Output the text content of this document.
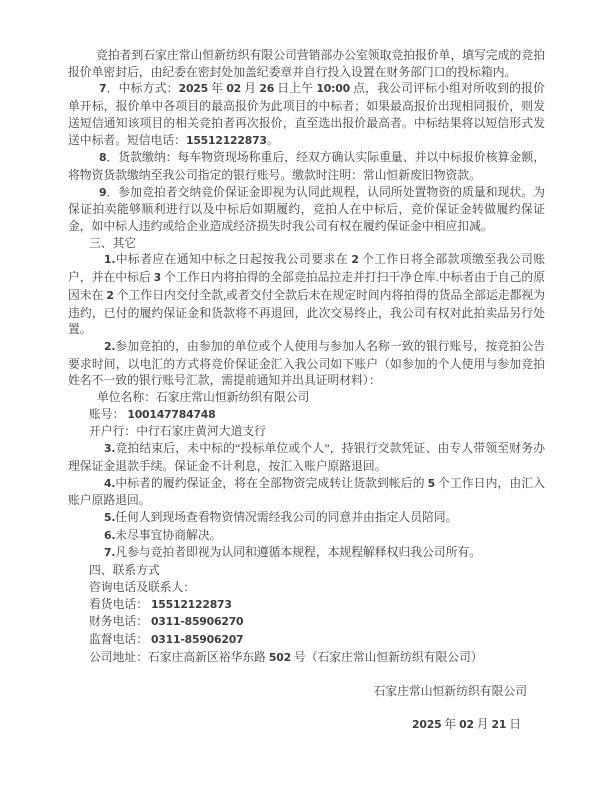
竞拍者到石家庄常山恒新纺织有限公司营销部办公室领取竞拍报价单，填写完成的竞拍报价单密封后，由纪委在密封处加盖纪委章并自行投入设置在财务部门口的投标箱内。

7．中标方式：2025 年 02 月 26 日上午 10:00 点，我公司评标小组对所收到的报价单开标，报价单中各项目的最高报价为此项目的中标者；如果最高报价出现相同报价，则发送短信通知该项目的相关竞拍者再次报价，直至选出报价最高者。中标结果将以短信形式发送中标者。短信电话：15512122873。

8．货款缴纳：每车物资现场称重后，经双方确认实际重量、并以中标报价核算金额，将物资货款缴纳至我公司指定的银行账号。缴款时注明：常山恒新废旧物资款。

9．参加竞拍者交纳竞价保证金即视为认同此规程，认同所处置物资的质量和现状。为保证拍卖能够顺利进行以及中标后如期履约，竞拍人在中标后，竞价保证金转做履约保证金，如中标人违约或给企业造成经济损失时我公司有权在履约保证金中相应扣减。

三、其它

1.中标者应在通知中标之日起按我公司要求在 2 个工作日将全部款项缴至我公司账户，并在中标后 3 个工作日内将拍得的全部竞拍品拉走并打扫干净仓库.中标者由于自己的原因未在 2 个工作日内交付全款,或者交付全款后未在规定时间内将拍得的货品全部运走都视为违约，已付的履约保证金和货款将不再退回，此次交易终止，我公司有权对此拍卖品另行处置。

2.参加竞拍的，由参加的单位或个人使用与参加人名称一致的银行账号，按竞拍公告要求时间，以电汇的方式将竞价保证金汇入我公司如下账户（如参加的个人使用与参加竞拍姓名不一致的银行账号汇款，需提前通知并出具证明材料）：

单位名称：石家庄常山恒新纺织有限公司

账号： 100147784748

开户行：中行石家庄黄河大道支行

3.竞拍结束后，未中标的“投标单位或个人”，持银行交款凭证、由专人带领至财务办理保证金退款手续。保证金不计利息，按汇入账户原路退回。

4.中标者的履约保证金，将在全部物资完成转让货款到帐后的 5 个工作日内，由汇入账户原路退回。

5.任何人到现场查看物资情况需经我公司的同意并由指定人员陪同。

6.未尽事宜协商解决。

7.凡参与竞拍者即视为认同和遵循本规程，本规程解释权归我公司所有。

四、联系方式

咨询电话及联系人：

看货电话： 15512122873

财务电话： 0311-85906270

监督电话： 0311-85906207

公司地址：石家庄高新区裕华东路 502 号（石家庄常山恒新纺织有限公司）

石家庄常山恒新纺织有限公司

2025 年 02 月 21 日
